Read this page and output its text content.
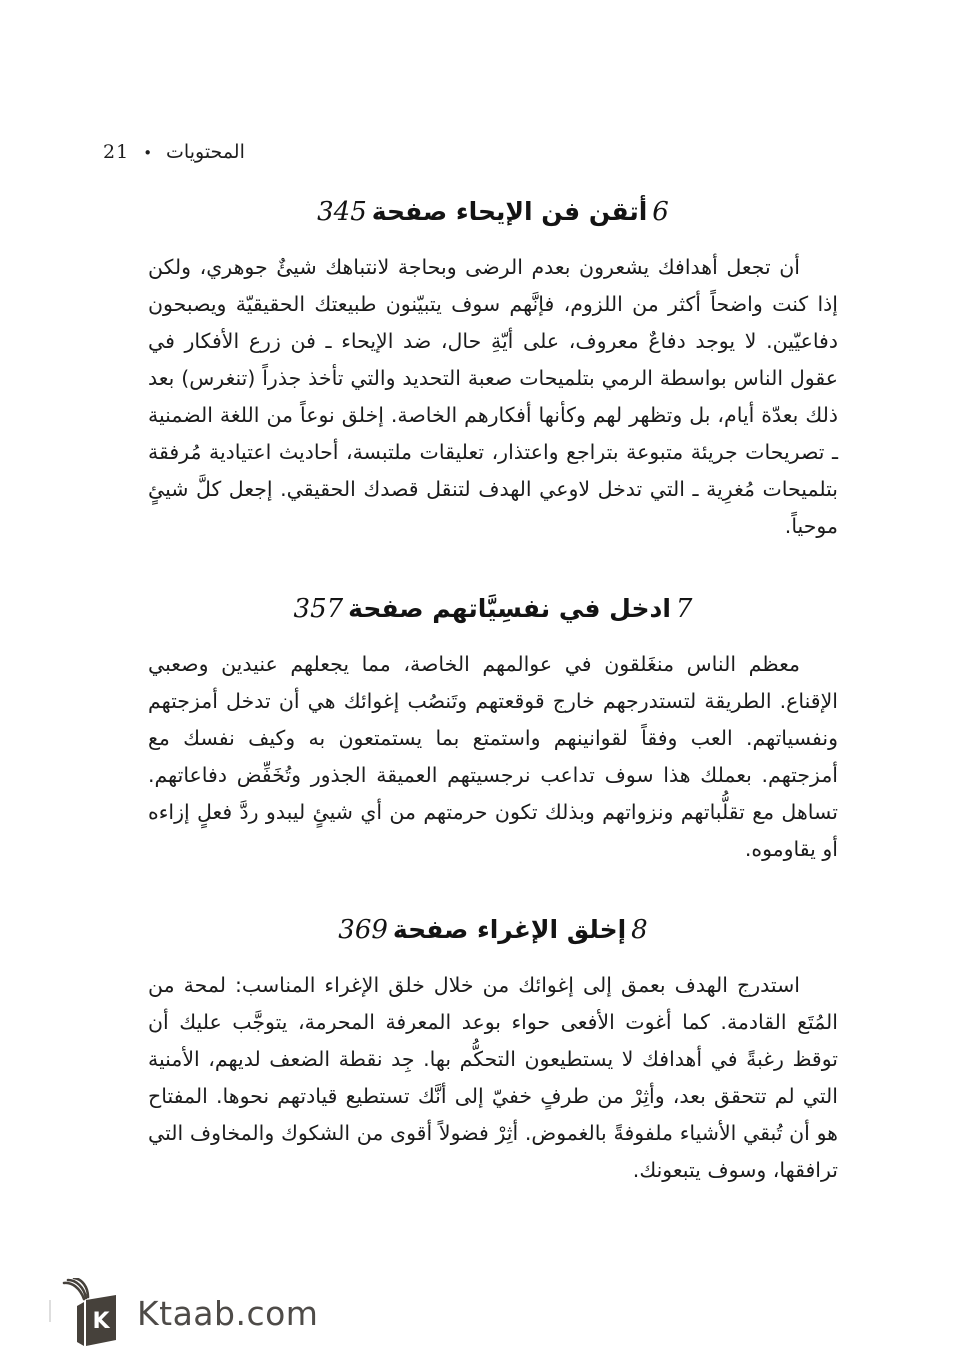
المحتويات
•
21
6أتقن فن الإيحاء صفحة345

أن تجعل أهدافك يشعرون بعدم الرضى وبحاجة لانتباهك شيئٌ جوهري، ولكن إذا كنت واضحاً أكثر من اللزوم، فإنَّهم سوف يتبيّنون طبيعتك الحقيقيّة ويصبحون دفاعيّين. لا يوجد دفاعٌ معروف، على أيّةِ حال، ضد الإيحاء ـ فن زرع الأفكار في عقول الناس بواسطة الرمي بتلميحات صعبة التحديد والتي تأخذ جذراً (تنغرس) بعد ذلك بعدّة أيام، بل وتظهر لهم وكأنها أفكارهم الخاصة. إخلق نوعاً من اللغة الضمنية ـ تصريحات جريئة متبوعة بتراجع واعتذار، تعليقات ملتبسة، أحاديث اعتيادية مُرفقة بتلميحات مُغرِية ـ التي تدخل لاوعي الهدف لتنقل قصدك الحقيقي. إجعل كلَّ شيئٍ موحياً.

7ادخل في نفسِيَّاتهم صفحة357

معظم الناس منغَلقون في عوالمهم الخاصة، مما يجعلهم عنيدين وصعبي الإقناع. الطريقة لتستدرجهم خارج قوقعتهم وتَنصُب إغوائك هي أن تدخل أمزجتهم ونفسياتهم. العب وفقاً لقوانينهم واستمتع بما يستمتعون به وكيف نفسك مع أمزجتهم. بعملك هذا سوف تداعب نرجسيتهم العميقة الجذور وتُخَفِّض دفاعاتهم. تساهل مع تقلُّباتهم ونزواتهم وبذلك تكون حرمتهم من أي شيئٍ ليبدو ردَّ فعلٍ إزاءه أو يقاوموه.

8إخلق الإغراء صفحة369

استدرج الهدف بعمق إلى إغوائك من خلال خلق الإغراء المناسب: لمحة من المُتَع القادمة. كما أغوت الأفعى حواء بوعد المعرفة المحرمة، يتوجَّب عليك أن توقظ رغبةً في أهدافك لا يستطيعون التحكُّم بها. جِد نقطة الضعف لديهم، الأمنية التي لم تتحقق بعد، وأثِرْ من طرفٍ خفيّ إلى أنَّك تستطيع قيادتهم نحوها. المفتاح هو أن تُبقي الأشياء ملفوفةً بالغموض. أثِرْ فضولاً أقوى من الشكوك والمخاوف التي ترافقها، وسوف يتبعونك.

K Ktaab.com
